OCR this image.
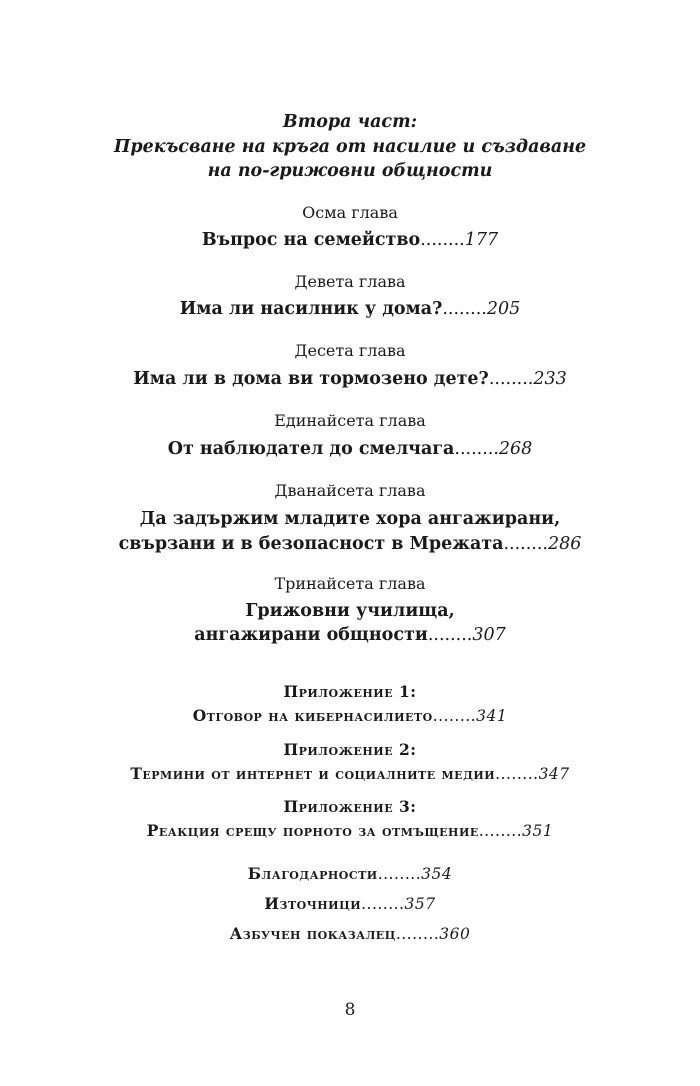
Втора част:
Прекъсване на кръга от насилие и създаване
на по-грижовни общности
Осма глава
Въпрос на семейство........177
Девета глава
Има ли насилник у дома?........205
Десета глава
Има ли в дома ви тормозено дете?........233
Единайсета глава
От наблюдател до смелчага........268
Дванайсета глава
Да задържим младите хора ангажирани,
свързани и в безопасност в Мрежата........286
Тринайсета глава
Грижовни училища,
ангажирани общности........307
Приложение 1:
Отговор на кибернасилието........341
Приложение 2:
Термини от интернет и социалните медии........347
Приложение 3:
Реакция срещу порното за отмъщение........351
Благодарности........354
Източници........357
Азбучен показалец........360
8
